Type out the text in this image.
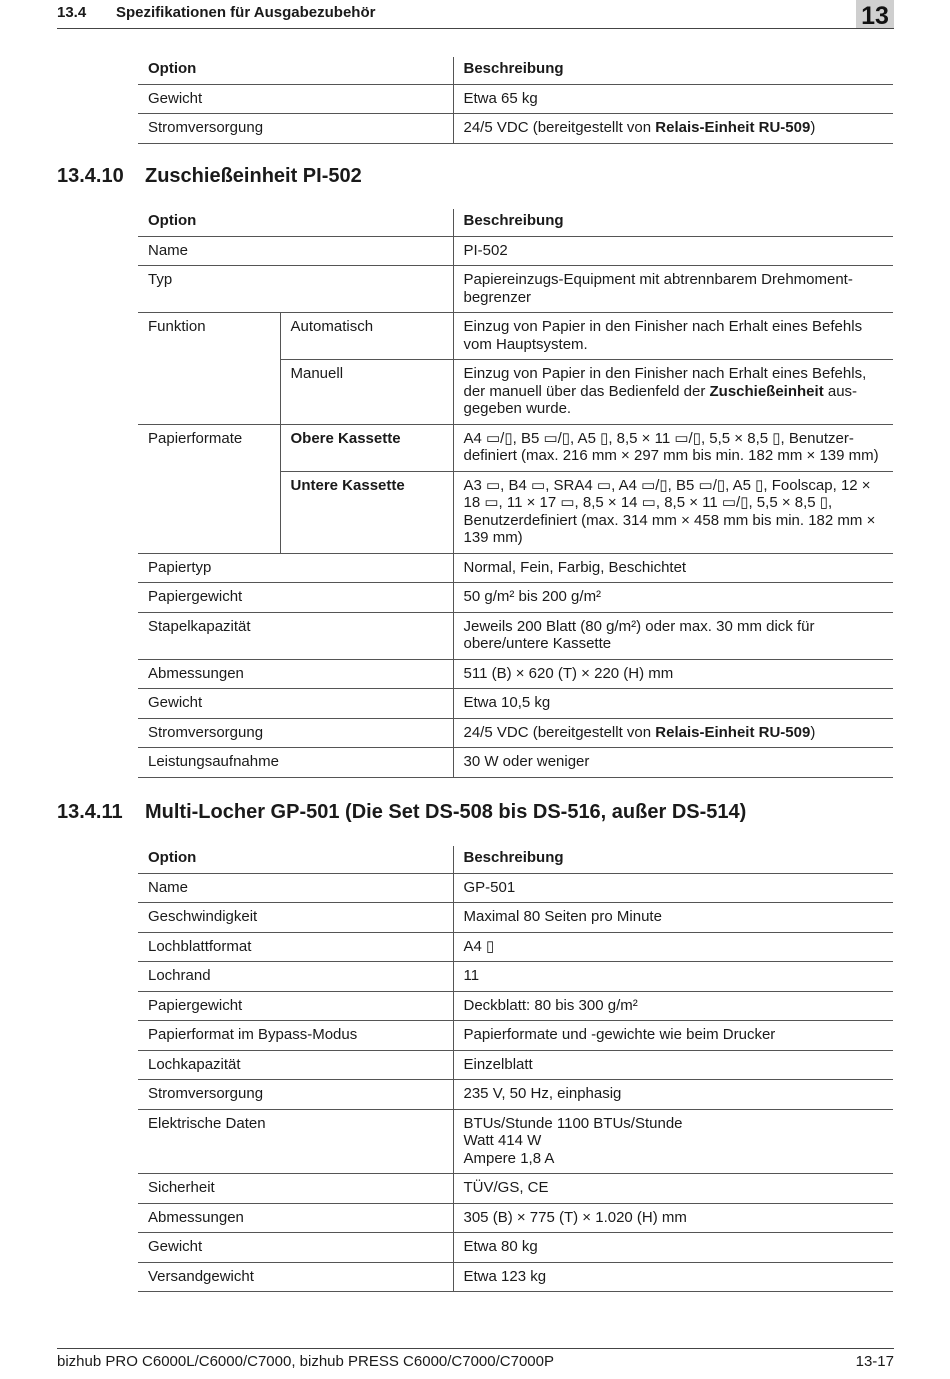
13.4 Spezifikationen für Ausgabezubehör	13
Option	Beschreibung
Gewicht	Etwa 65 kg
Stromversorgung	24/5 VDC (bereitgestellt von Relais-Einheit RU-509)
13.4.10 Zuschießeinheit PI-502
Option		Beschreibung
Name		PI-502
Typ		Papiereinzugs-Equipment mit abtrennbarem Drehmoment-begrenzer
Funktion	Automatisch	Einzug von Papier in den Finisher nach Erhalt eines Befehls vom Hauptsystem.
	Manuell	Einzug von Papier in den Finisher nach Erhalt eines Befehls, der manuell über das Bedienfeld der Zuschießeinheit aus-gegeben wurde.
Papierformate	Obere Kassette	A4 ▭/▯, B5 ▭/▯, A5 ▯, 8,5 × 11 ▭/▯, 5,5 × 8,5 ▯, Benutzer-definiert (max. 216 mm × 297 mm bis min. 182 mm × 139 mm)
	Untere Kassette	A3 ▭, B4 ▭, SRA4 ▭, A4 ▭/▯, B5 ▭/▯, A5 ▯, Foolscap, 12 × 18 ▭, 11 × 17 ▭, 8,5 × 14 ▭, 8,5 × 11 ▭/▯, 5,5 × 8,5 ▯, Benutzerdefiniert (max. 314 mm × 458 mm bis min. 182 mm × 139 mm)
Papiertyp		Normal, Fein, Farbig, Beschichtet
Papiergewicht		50 g/m² bis 200 g/m²
Stapelkapazität		Jeweils 200 Blatt (80 g/m²) oder max. 30 mm dick für obere/untere Kassette
Abmessungen		511 (B) × 620 (T) × 220 (H) mm
Gewicht		Etwa 10,5 kg
Stromversorgung		24/5 VDC (bereitgestellt von Relais-Einheit RU-509)
Leistungsaufnahme		30 W oder weniger
13.4.11 Multi-Locher GP-501 (Die Set DS-508 bis DS-516, außer DS-514)
Option	Beschreibung
Name	GP-501
Geschwindigkeit	Maximal 80 Seiten pro Minute
Lochblattformat	A4 ▯
Lochrand	11
Papiergewicht	Deckblatt: 80 bis 300 g/m²
Papierformat im Bypass-Modus	Papierformate und -gewichte wie beim Drucker
Lochkapazität	Einzelblatt
Stromversorgung	235 V, 50 Hz, einphasig
Elektrische Daten	BTUs/Stunde 1100 BTUs/Stunde
Watt 414 W
Ampere 1,8 A

Sicherheit	TÜV/GS, CE
Abmessungen	305 (B) × 775 (T) × 1.020 (H) mm
Gewicht	Etwa 80 kg
Versandgewicht	Etwa 123 kg
bizhub PRO C6000L/C6000/C7000, bizhub PRESS C6000/C7000/C7000P	13-17
